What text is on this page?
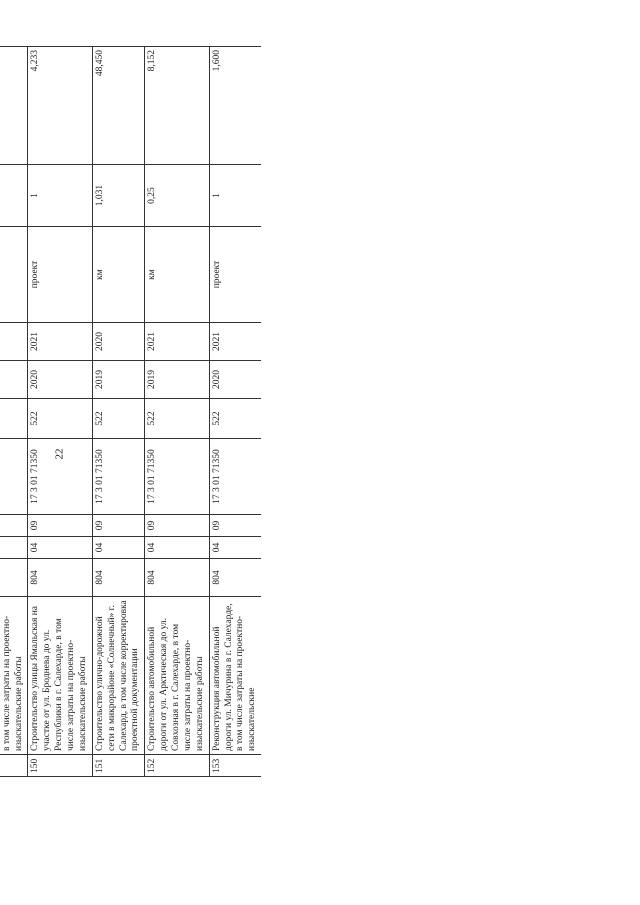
22

	в том числе затраты на проектно-изыскательские работы										
150	Строительство улицы Ямальская на участке от ул. Броднева до ул. Республики в г. Салехарде, в том числе затраты на проектно-изыскательские работы	804	04	09	17 3 01 71350	522	2020	2021	проект	1	4,233
151	Строительство улично-дорожной сети в микрорайоне «Солнечный» г. Салехард, в том числе корректировка проектной документации	804	04	09	17 3 01 71350	522	2019	2020	км	1,031	48,450
152	Строительство автомобильной дороги от ул. Арктическая до ул. Совхозная в г. Салехарде, в том числе затраты на проектно-изыскательские работы	804	04	09	17 3 01 71350	522	2019	2021	км	0,25	8,152
153	Реконструкция автомобильной дороги ул. Мичурина в г. Салехарде, в том числе затраты на проектно-изыскательские	804	04	09	17 3 01 71350	522	2020	2021	проект	1	1,600
